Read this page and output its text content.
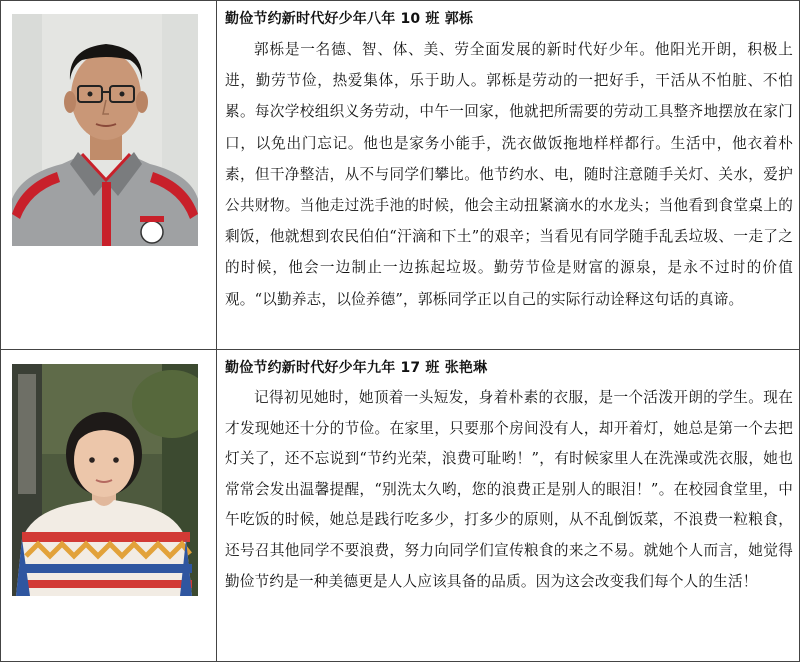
勤俭节约新时代好少年八年 10 班 郭栎

郭栎是一名德、智、体、美、劳全面发展的新时代好少年。他阳光开朗，积极上进，勤劳节俭，热爱集体，乐于助人。郭栎是劳动的一把好手，干活从不怕脏、不怕累。每次学校组织义务劳动，中午一回家，他就把所需要的劳动工具整齐地摆放在家门口，以免出门忘记。他也是家务小能手，洗衣做饭拖地样样都行。生活中，他衣着朴素，但干净整洁，从不与同学们攀比。他节约水、电，随时注意随手关灯、关水，爱护公共财物。当他走过洗手池的时候，他会主动扭紧滴水的水龙头；当他看到食堂桌上的剩饭，他就想到农民伯伯“汗滴和下土”的艰辛；当看见有同学随手乱丢垃圾、一走了之的时候，他会一边制止一边拣起垃圾。勤劳节俭是财富的源泉，是永不过时的价值观。“以勤养志，以俭养德”，郭栎同学正以自己的实际行动诠释这句话的真谛。

勤俭节约新时代好少年九年 17 班 张艳琳

记得初见她时，她顶着一头短发，身着朴素的衣服，是一个活泼开朗的学生。现在才发现她还十分的节俭。在家里，只要那个房间没有人，却开着灯，她总是第一个去把灯关了，还不忘说到“节约光荣，浪费可耻哟！”，有时候家里人在洗澡或洗衣服，她也常常会发出温馨提醒，“别洗太久哟，您的浪费正是别人的眼泪！”。在校园食堂里，中午吃饭的时候，她总是践行吃多少，打多少的原则，从不乱倒饭菜，不浪费一粒粮食，还号召其他同学不要浪费，努力向同学们宣传粮食的来之不易。就她个人而言，她觉得勤俭节约是一种美德更是人人应该具备的品质。因为这会改变我们每个人的生活！
